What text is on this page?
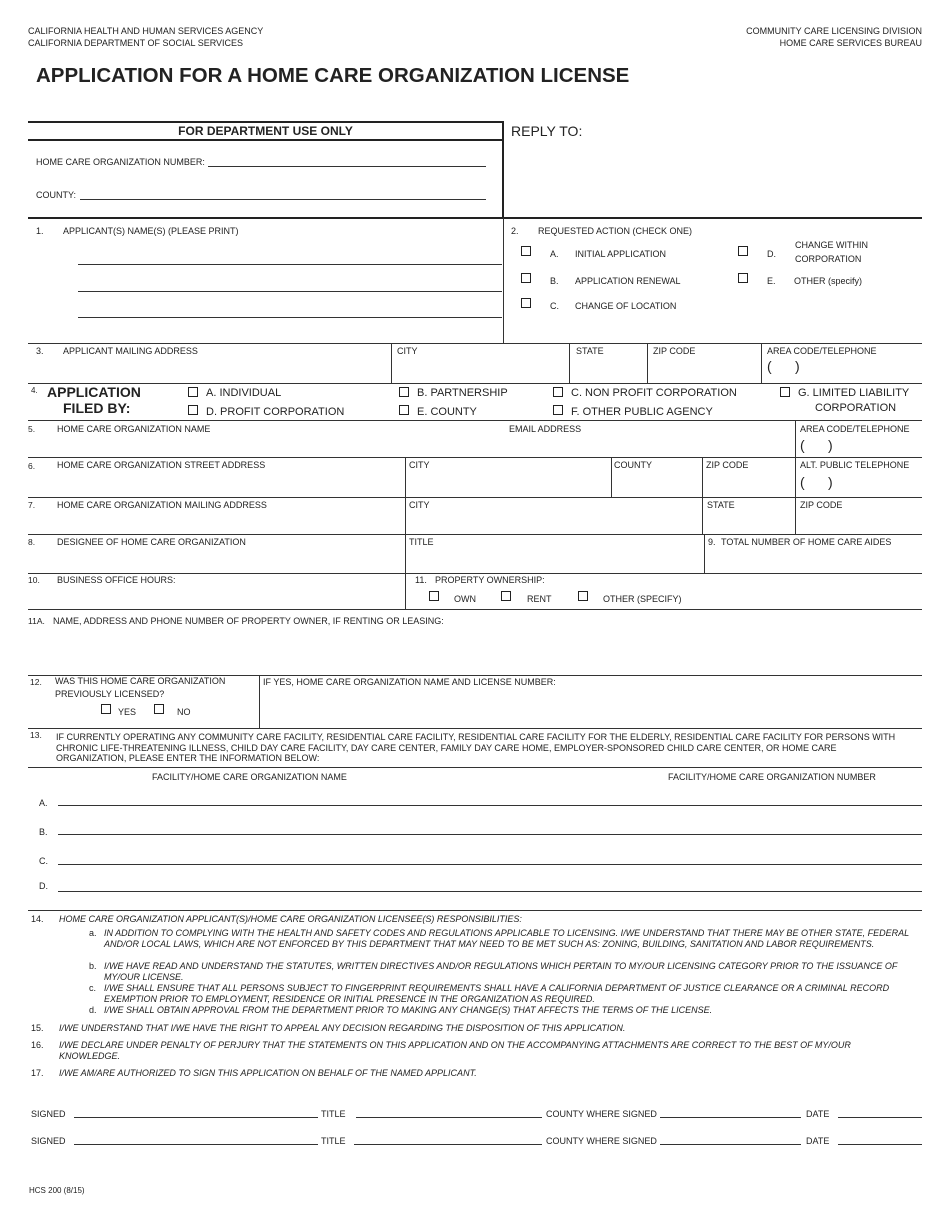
CALIFORNIA HEALTH AND HUMAN SERVICES AGENCY
CALIFORNIA DEPARTMENT OF SOCIAL SERVICES
COMMUNITY CARE LICENSING DIVISION
HOME CARE SERVICES BUREAU
APPLICATION FOR A HOME CARE ORGANIZATION LICENSE
FOR DEPARTMENT USE ONLY
HOME CARE ORGANIZATION NUMBER:
COUNTY:
REPLY TO:
1. APPLICANT(S) NAME(S) (PLEASE PRINT)	2. REQUESTED ACTION (CHECK ONE)
A. INITIAL APPLICATION
B. APPLICATION RENEWAL
C. CHANGE OF LOCATION
D.
CHANGE WITHIN
CORPORATION
E. OTHER (specify)
3. APPLICANT MAILING ADDRESS	CITY	STATE	ZIP CODE	AREA CODE/TELEPHONE
(      )
4. APPLICATION
FILED BY:
A. INDIVIDUAL
D. PROFIT CORPORATION
B. PARTNERSHIP
E. COUNTY
C. NON PROFIT CORPORATION
F. OTHER PUBLIC AGENCY
G. LIMITED LIABILITY
CORPORATION
5. HOME CARE ORGANIZATION NAME	EMAIL ADDRESS	AREA CODE/TELEPHONE
(      )
6. HOME CARE ORGANIZATION STREET ADDRESS	CITY	COUNTY	ZIP CODE	ALT. PUBLIC TELEPHONE
(      )
7. HOME CARE ORGANIZATION MAILING ADDRESS	CITY	STATE	ZIP CODE
8. DESIGNEE OF HOME CARE ORGANIZATION	TITLE	9. TOTAL NUMBER OF HOME CARE AIDES
10. BUSINESS OFFICE HOURS:	11. PROPERTY OWNERSHIP:
OWN	RENT	OTHER (SPECIFY)
11A. NAME, ADDRESS AND PHONE NUMBER OF PROPERTY OWNER, IF RENTING OR LEASING:
12. WAS THIS HOME CARE ORGANIZATION
PREVIOUSLY LICENSED?
YES	NO
IF YES, HOME CARE ORGANIZATION NAME AND LICENSE NUMBER:
13. IF CURRENTLY OPERATING ANY COMMUNITY CARE FACILITY, RESIDENTIAL CARE FACILITY, RESIDENTIAL CARE FACILITY FOR THE ELDERLY, RESIDENTIAL CARE FACILITY FOR PERSONS WITH CHRONIC LIFE-THREATENING ILLNESS, CHILD DAY CARE FACILITY, DAY CARE CENTER, FAMILY DAY CARE HOME, EMPLOYER-SPONSORED CHILD CARE CENTER, OR HOME CARE ORGANIZATION, PLEASE ENTER THE INFORMATION BELOW:
FACILITY/HOME CARE ORGANIZATION NAME	FACILITY/HOME CARE ORGANIZATION NUMBER
A.
B.
C.
D.
14. HOME CARE ORGANIZATION APPLICANT(S)/HOME CARE ORGANIZATION LICENSEE(S) RESPONSIBILITIES:
a. IN ADDITION TO COMPLYING WITH THE HEALTH AND SAFETY CODES AND REGULATIONS APPLICABLE TO LICENSING. I/WE UNDERSTAND THAT THERE MAY BE OTHER STATE, FEDERAL AND/OR LOCAL LAWS, WHICH ARE NOT ENFORCED BY THIS DEPARTMENT THAT MAY NEED TO BE MET SUCH AS: ZONING, BUILDING, SANITATION AND LABOR REQUIREMENTS.
b. I/WE HAVE READ AND UNDERSTAND THE STATUTES, WRITTEN DIRECTIVES AND/OR REGULATIONS WHICH PERTAIN TO MY/OUR LICENSING CATEGORY PRIOR TO THE ISSUANCE OF MY/OUR LICENSE.
c. I/WE SHALL ENSURE THAT ALL PERSONS SUBJECT TO FINGERPRINT REQUIREMENTS SHALL HAVE A CALIFORNIA DEPARTMENT OF JUSTICE CLEARANCE OR A CRIMINAL RECORD EXEMPTION PRIOR TO EMPLOYMENT, RESIDENCE OR INITIAL PRESENCE IN THE ORGANIZATION AS REQUIRED.
d. I/WE SHALL OBTAIN APPROVAL FROM THE DEPARTMENT PRIOR TO MAKING ANY CHANGE(S) THAT AFFECTS THE TERMS OF THE LICENSE.
15. I/WE UNDERSTAND THAT I/WE HAVE THE RIGHT TO APPEAL ANY DECISION REGARDING THE DISPOSITION OF THIS APPLICATION.
16. I/WE DECLARE UNDER PENALTY OF PERJURY THAT THE STATEMENTS ON THIS APPLICATION AND ON THE ACCOMPANYING ATTACHMENTS ARE CORRECT TO THE BEST OF MY/OUR KNOWLEDGE.
17. I/WE AM/ARE AUTHORIZED TO SIGN THIS APPLICATION ON BEHALF OF THE NAMED APPLICANT.
SIGNED	TITLE	COUNTY WHERE SIGNED	DATE
SIGNED	TITLE	COUNTY WHERE SIGNED	DATE
HCS 200 (8/15)
